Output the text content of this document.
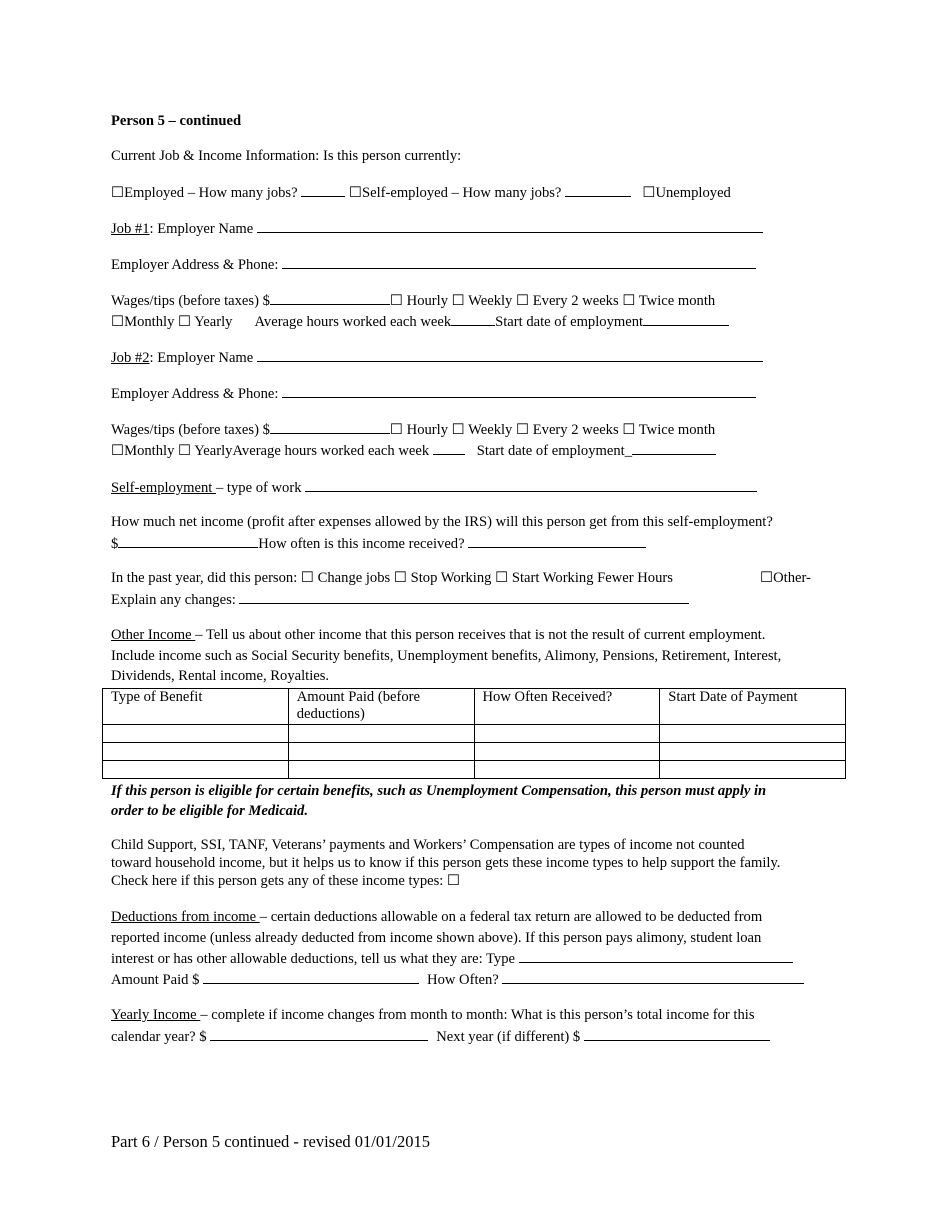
Person 5 – continued
Current Job & Income Information: Is this person currently:
☐Employed – How many jobs?	☐Self-employed – How many jobs?	☐Unemployed
Job #1: Employer Name
Employer Address & Phone:
Wages/tips (before taxes) $	☐ Hourly ☐ Weekly ☐ Every 2 weeks ☐ Twice month
☐Monthly ☐ Yearly Average hours worked each week	Start date of employment
Job #2: Employer Name
Employer Address & Phone:
Wages/tips (before taxes) $	☐ Hourly ☐ Weekly ☐ Every 2 weeks ☐ Twice month
☐Monthly ☐ YearlyAverage hours worked each week	Start date of employment_
Self-employment – type of work
How much net income (profit after expenses allowed by the IRS) will this person get from this self-employment?
$	How often is this income received?
In the past year, did this person: ☐ Change jobs ☐ Stop Working ☐ Start Working Fewer Hours	☐Other-
Explain any changes:
Other Income – Tell us about other income that this person receives that is not the result of current employment.
Include income such as Social Security benefits, Unemployment benefits, Alimony, Pensions, Retirement, Interest,
Dividends, Rental income, Royalties.
Type of Benefit	Amount Paid (before deductions)	How Often Received?	Start Date of Payment

If this person is eligible for certain benefits, such as Unemployment Compensation, this person must apply in
order to be eligible for Medicaid.
Child Support, SSI, TANF, Veterans’ payments and Workers’ Compensation are types of income not counted
toward household income, but it helps us to know if this person gets these income types to help support the family.
Check here if this person gets any of these income types: ☐
Deductions from income – certain deductions allowable on a federal tax return are allowed to be deducted from
reported income (unless already deducted from income shown above). If this person pays alimony, student loan
interest or has other allowable deductions, tell us what they are: Type
Amount Paid $	How Often?
Yearly Income – complete if income changes from month to month: What is this person’s total income for this
calendar year? $	Next year (if different) $
Part 6 / Person 5 continued - revised 01/01/2015
